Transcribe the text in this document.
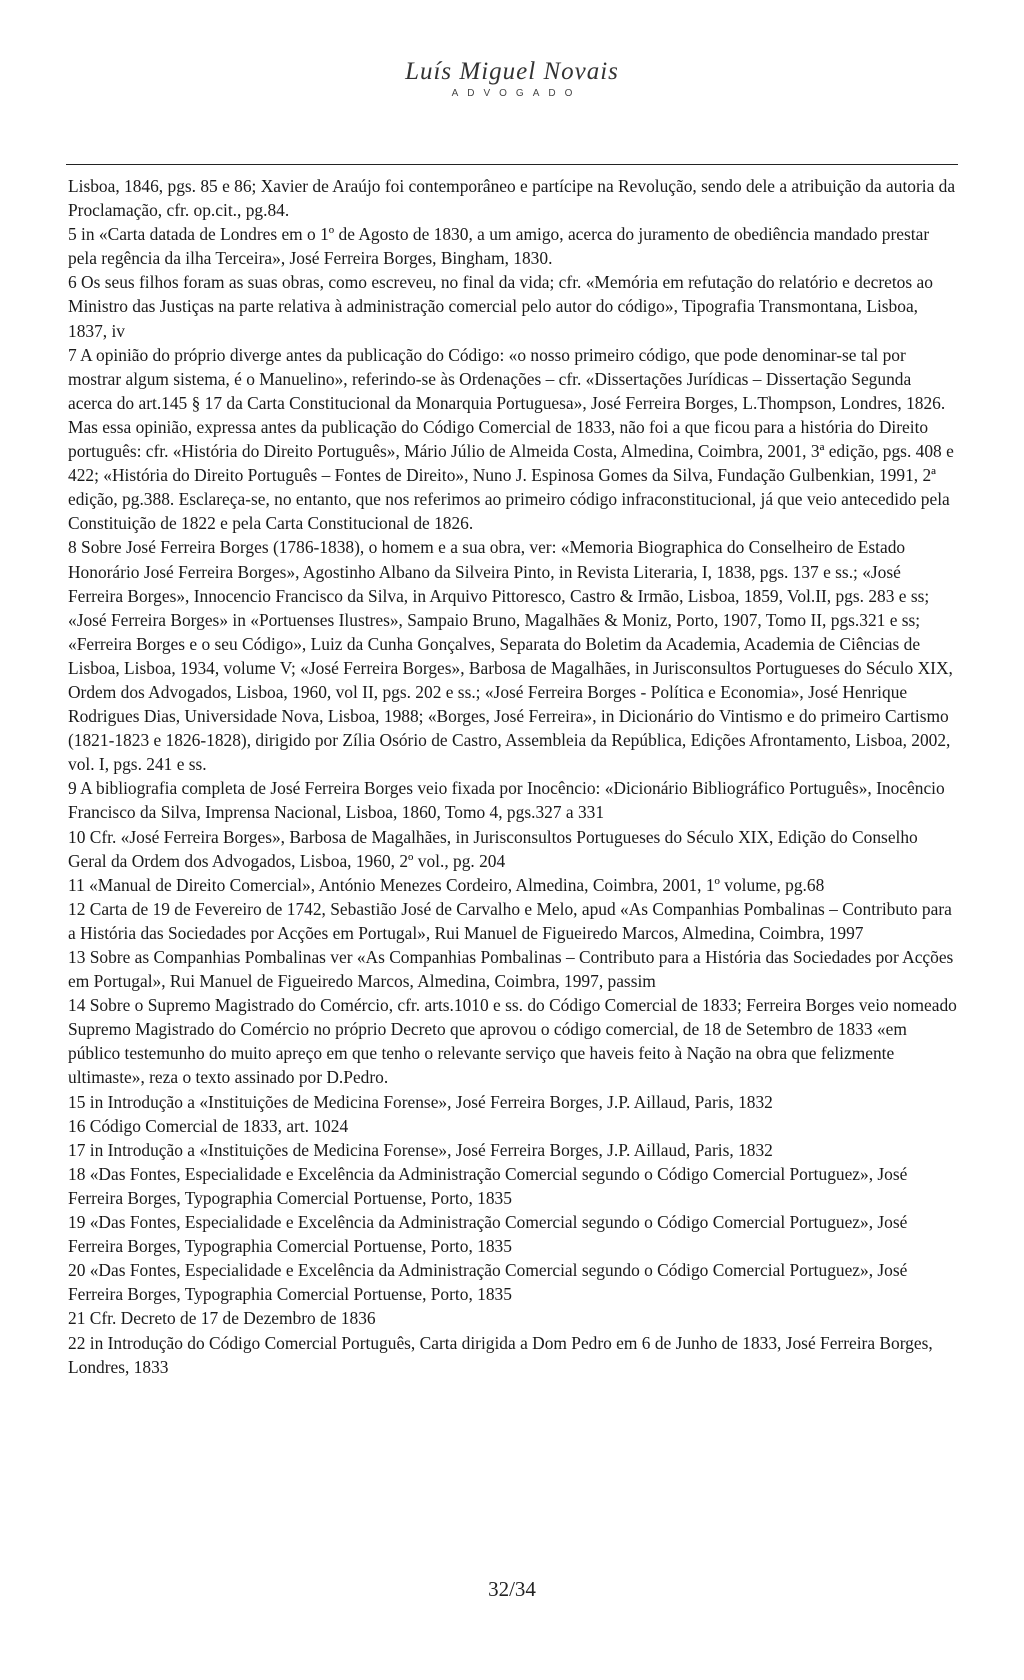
Luís Miguel Novais
ADVOGADO

Lisboa, 1846, pgs. 85 e 86; Xavier de Araújo foi contemporâneo e partícipe na Revolução, sendo dele a atribuição da autoria da Proclamação, cfr. op.cit., pg.84.

5 in «Carta datada de Londres em o 1º de Agosto de 1830, a um amigo, acerca do juramento de obediência mandado prestar pela regência da ilha Terceira», José Ferreira Borges, Bingham, 1830.

6 Os seus filhos foram as suas obras, como escreveu, no final da vida; cfr. «Memória em refutação do relatório e decretos ao Ministro das Justiças na parte relativa à administração comercial pelo autor do código», Tipografia Transmontana, Lisboa, 1837, iv

7 A opinião do próprio diverge antes da publicação do Código: «o nosso primeiro código, que pode denominar-se tal por mostrar algum sistema, é o Manuelino», referindo-se às Ordenações – cfr. «Dissertações Jurídicas – Dissertação Segunda acerca do art.145 § 17 da Carta Constitucional da Monarquia Portuguesa», José Ferreira Borges, L.Thompson, Londres, 1826. Mas essa opinião, expressa antes da publicação do Código Comercial de 1833, não foi a que ficou para a história do Direito português: cfr. «História do Direito Português», Mário Júlio de Almeida Costa, Almedina, Coimbra, 2001, 3ª edição, pgs. 408 e 422; «História do Direito Português – Fontes de Direito», Nuno J. Espinosa Gomes da Silva, Fundação Gulbenkian, 1991, 2ª edição, pg.388. Esclareça-se, no entanto, que nos referimos ao primeiro código infraconstitucional, já que veio antecedido pela Constituição de 1822 e pela Carta Constitucional de 1826.

8 Sobre José Ferreira Borges (1786-1838), o homem e a sua obra, ver: «Memoria Biographica do Conselheiro de Estado Honorário José Ferreira Borges», Agostinho Albano da Silveira Pinto, in Revista Literaria, I, 1838, pgs. 137 e ss.; «José Ferreira Borges», Innocencio Francisco da Silva, in Arquivo Pittoresco, Castro & Irmão, Lisboa, 1859, Vol.II, pgs. 283 e ss; «José Ferreira Borges» in «Portuenses Ilustres», Sampaio Bruno, Magalhães & Moniz, Porto, 1907, Tomo II, pgs.321 e ss; «Ferreira Borges e o seu Código», Luiz da Cunha Gonçalves, Separata do Boletim da Academia, Academia de Ciências de Lisboa, Lisboa, 1934, volume V; «José Ferreira Borges», Barbosa de Magalhães, in Jurisconsultos Portugueses do Século XIX, Ordem dos Advogados, Lisboa, 1960, vol II, pgs. 202 e ss.; «José Ferreira Borges - Política e Economia», José Henrique Rodrigues Dias, Universidade Nova, Lisboa, 1988; «Borges, José Ferreira», in Dicionário do Vintismo e do primeiro Cartismo (1821-1823 e 1826-1828), dirigido por Zília Osório de Castro, Assembleia da República, Edições Afrontamento, Lisboa, 2002, vol. I, pgs. 241 e ss.

9 A bibliografia completa de José Ferreira Borges veio fixada por Inocêncio: «Dicionário Bibliográfico Português», Inocêncio Francisco da Silva, Imprensa Nacional, Lisboa, 1860, Tomo 4, pgs.327 a 331

10 Cfr. «José Ferreira Borges», Barbosa de Magalhães, in Jurisconsultos Portugueses do Século XIX, Edição do Conselho Geral da Ordem dos Advogados, Lisboa, 1960, 2º vol., pg. 204

11 «Manual de Direito Comercial», António Menezes Cordeiro, Almedina, Coimbra, 2001, 1º volume, pg.68

12 Carta de 19 de Fevereiro de 1742, Sebastião José de Carvalho e Melo, apud «As Companhias Pombalinas – Contributo para a História das Sociedades por Acções em Portugal», Rui Manuel de Figueiredo Marcos, Almedina, Coimbra, 1997

13 Sobre as Companhias Pombalinas ver «As Companhias Pombalinas – Contributo para a História das Sociedades por Acções em Portugal», Rui Manuel de Figueiredo Marcos, Almedina, Coimbra, 1997, passim

14 Sobre o Supremo Magistrado do Comércio, cfr. arts.1010 e ss. do Código Comercial de 1833; Ferreira Borges veio nomeado Supremo Magistrado do Comércio no próprio Decreto que aprovou o código comercial, de 18 de Setembro de 1833 «em público testemunho do muito apreço em que tenho o relevante serviço que haveis feito à Nação na obra que felizmente ultimaste», reza o texto assinado por D.Pedro.

15 in Introdução a «Instituições de Medicina Forense», José Ferreira Borges, J.P. Aillaud, Paris, 1832

16 Código Comercial de 1833, art. 1024

17 in Introdução a «Instituições de Medicina Forense», José Ferreira Borges, J.P. Aillaud, Paris, 1832

18 «Das Fontes, Especialidade e Excelência da Administração Comercial segundo o Código Comercial Portuguez», José Ferreira Borges, Typographia Comercial Portuense, Porto, 1835

19 «Das Fontes, Especialidade e Excelência da Administração Comercial segundo o Código Comercial Portuguez», José Ferreira Borges, Typographia Comercial Portuense, Porto, 1835

20 «Das Fontes, Especialidade e Excelência da Administração Comercial segundo o Código Comercial Portuguez», José Ferreira Borges, Typographia Comercial Portuense, Porto, 1835

21 Cfr. Decreto de 17 de Dezembro de 1836

22 in Introdução do Código Comercial Português, Carta dirigida a Dom Pedro em 6 de Junho de 1833, José Ferreira Borges, Londres, 1833

32/34
